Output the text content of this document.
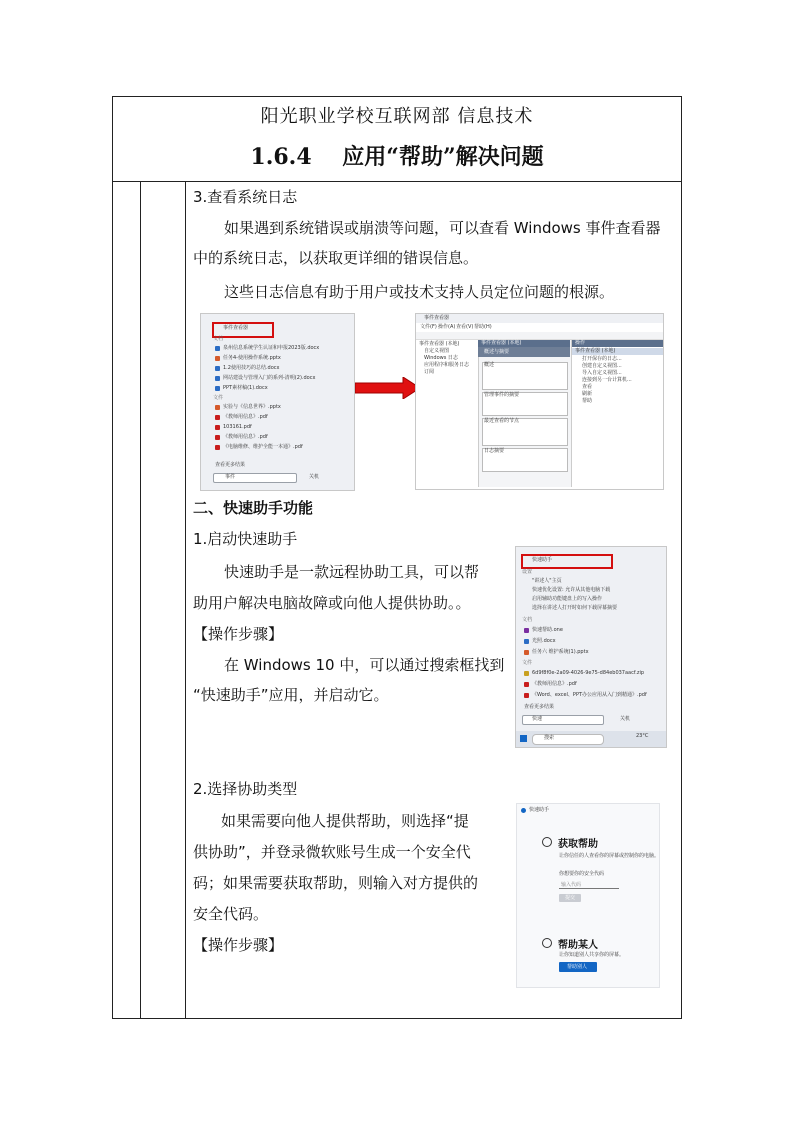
阳光职业学校互联网部 信息技术
1.6.4    应用“帮助”解决问题
3.查看系统日志
如果遇到系统错误或崩溃等问题，可以查看 Windows 事件查看器
中的系统日志，以获取更详细的错误信息。
这些日志信息有助于用户或技术支持人员定位问题的根源。
事件查看器
文档
泉州信息系统学生认证和申报2023版.docx
任务4-使用操作系统.pptx
1.2使用技巧的总结.docx
网站建设与管理入门的系列-清明(2).docx
PPT素材稿(1).docx
文件
实验与《信息世界》.pptx
《教师用信息》.pdf
103161.pdf
《教师用信息》.pdf
《电脑维修、维护全能一本通》.pdf
查看更多结果
事件	关机
事件查看器
文件(F) 操作(A) 查看(V) 帮助(H)
事件查看器 (本地)
自定义视图
Windows 日志
应用程序和服务日志
订阅
事件查看器 (本地)
概述与摘要
概述
管理事件的摘要
最近查看的节点
日志摘要
操作
事件查看器 (本地)
打开保存的日志...
创建自定义视图...
导入自定义视图...
连接到另一台计算机...
查看
刷新
帮助
二、快速助手功能
1.启动快速助手
快速助手是一款远程协助工具，可以帮
助用户解决电脑故障或向他人提供协助。。
【操作步骤】
在 Windows 10 中，可以通过搜索框找到
“快速助手”应用，并启动它。
快速助手
设置
"讲述人"主页
快速优化设置: 允许从其他电脑下载
启用辅助功能键盘上的写入操作
选择在讲述人打开时如何下载屏幕摘要
文档
快速帮助.one
光照.docx
任务六 维护系统(1).pptx
文件
6d9f8f0e-2a09-4026-9e75-d84eb037aacf.zip
《教师用信息》.pdf
《Word、excel、PPT办公应用从入门到精通》.pdf
查看更多结果
快速	关机
搜索	23°C
2.选择协助类型
如果需要向他人提供帮助，则选择“提
供协助”，并登录微软账号生成一个安全代
码；如果需要获取帮助，则输入对方提供的
安全代码。
【操作步骤】
快速助手
获取帮助
让你信任的人查看你的屏幕或控制你的电脑。
你想要你的安全代码
输入代码
提交
帮助某人
让你知道别人共享你的屏幕。
帮助别人
